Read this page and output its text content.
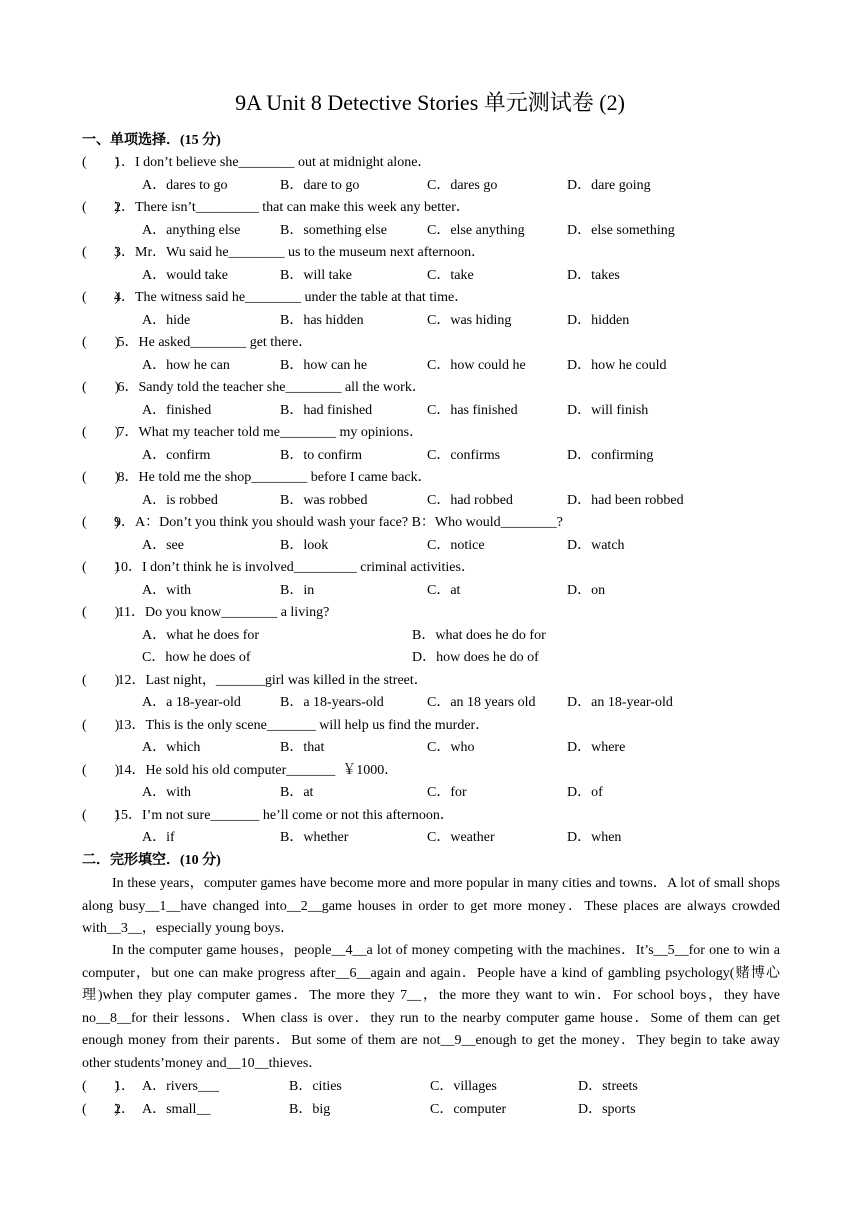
9A Unit 8 Detective Stories 单元测试卷 (2)
一、单项选择．(15 分)
(        )1．I don’t believe she________ out at midnight alone．
A．dares to go	B．dare to go	C．dares go	D．dare going
(        )2．There isn’t_________ that can make this week any better．
A．anything else	B．something else	C．else anything	D．else something
(        )3．Mr．Wu said he________ us to the museum next afternoon．
A．would take	B．will take	C．take	D．takes
(        )4．The witness said he________ under the table at that time．
A．hide	B．has hidden	C．was hiding	D．hidden
(        ) 5．He asked________ get there．
A．how he can	B．how can he	C．how could he	D．how he could
(        ) 6．Sandy told the teacher she________ all the work．
A．finished	B．had finished	C．has finished	D．will finish
(        ) 7．What my teacher told me________ my opinions．
A．confirm	B．to confirm	C．confirms	D．confirming
(        ) 8．He told me the shop________ before I came back．
A．is robbed	B．was robbed	C．had robbed	D．had been robbed
(        )9．A：Don’t you think you should wash your face? B：Who would________?
A．see	B．look	C．notice	D．watch
(        )10．I don’t think he is involved_________ criminal activities．
A．with	B．in	C．at	D．on
(        ) 11．Do you know________ a living?
A．what he does for	B．what does he do for
C．how he does of	D．how does he do of
(        ) 12．Last night，_______girl was killed in the street．
A．a 18-year-old	B．a 18-years-old	C．an 18 years old D．an 18-year-old
(        ) 13．This is the only scene_______ will help us find the murder．
A．which	B．that	C．who	D．where
(        ) 14．He sold his old computer_______  ￥1000．
A．with	B．at	C．for	D．of
(        )15．I’m not sure_______ he’ll come or not this afternoon．
A．if	B．whether	C．weather	D．when
二．完形填空．(10 分)
In these years，computer games have become more and more popular in many cities and towns．A lot of small shops along busy__1__have changed into__2__game houses in order to get more money．These places are always crowded with__3__，especially young boys．
In the computer game houses，people__4__a lot of money competing with the machines．It’s__5__for one to win a computer，but one can make progress after__6__again and again．People have a kind of gambling psychology(赌博心理)when they play computer games．The more they 7__，the more they want to win．For school boys，they have no__8__for their lessons．When class is over．they run to the nearby computer game house．Some of them can get enough money from their parents．But some of them are not__9__enough to get the money．They begin to take away other students’money and__10__thieves．
(        )1． A．rivers___	B．cities	C．villages	D．streets
(        )2． A．small__	B．big	C．computer	D．sports
